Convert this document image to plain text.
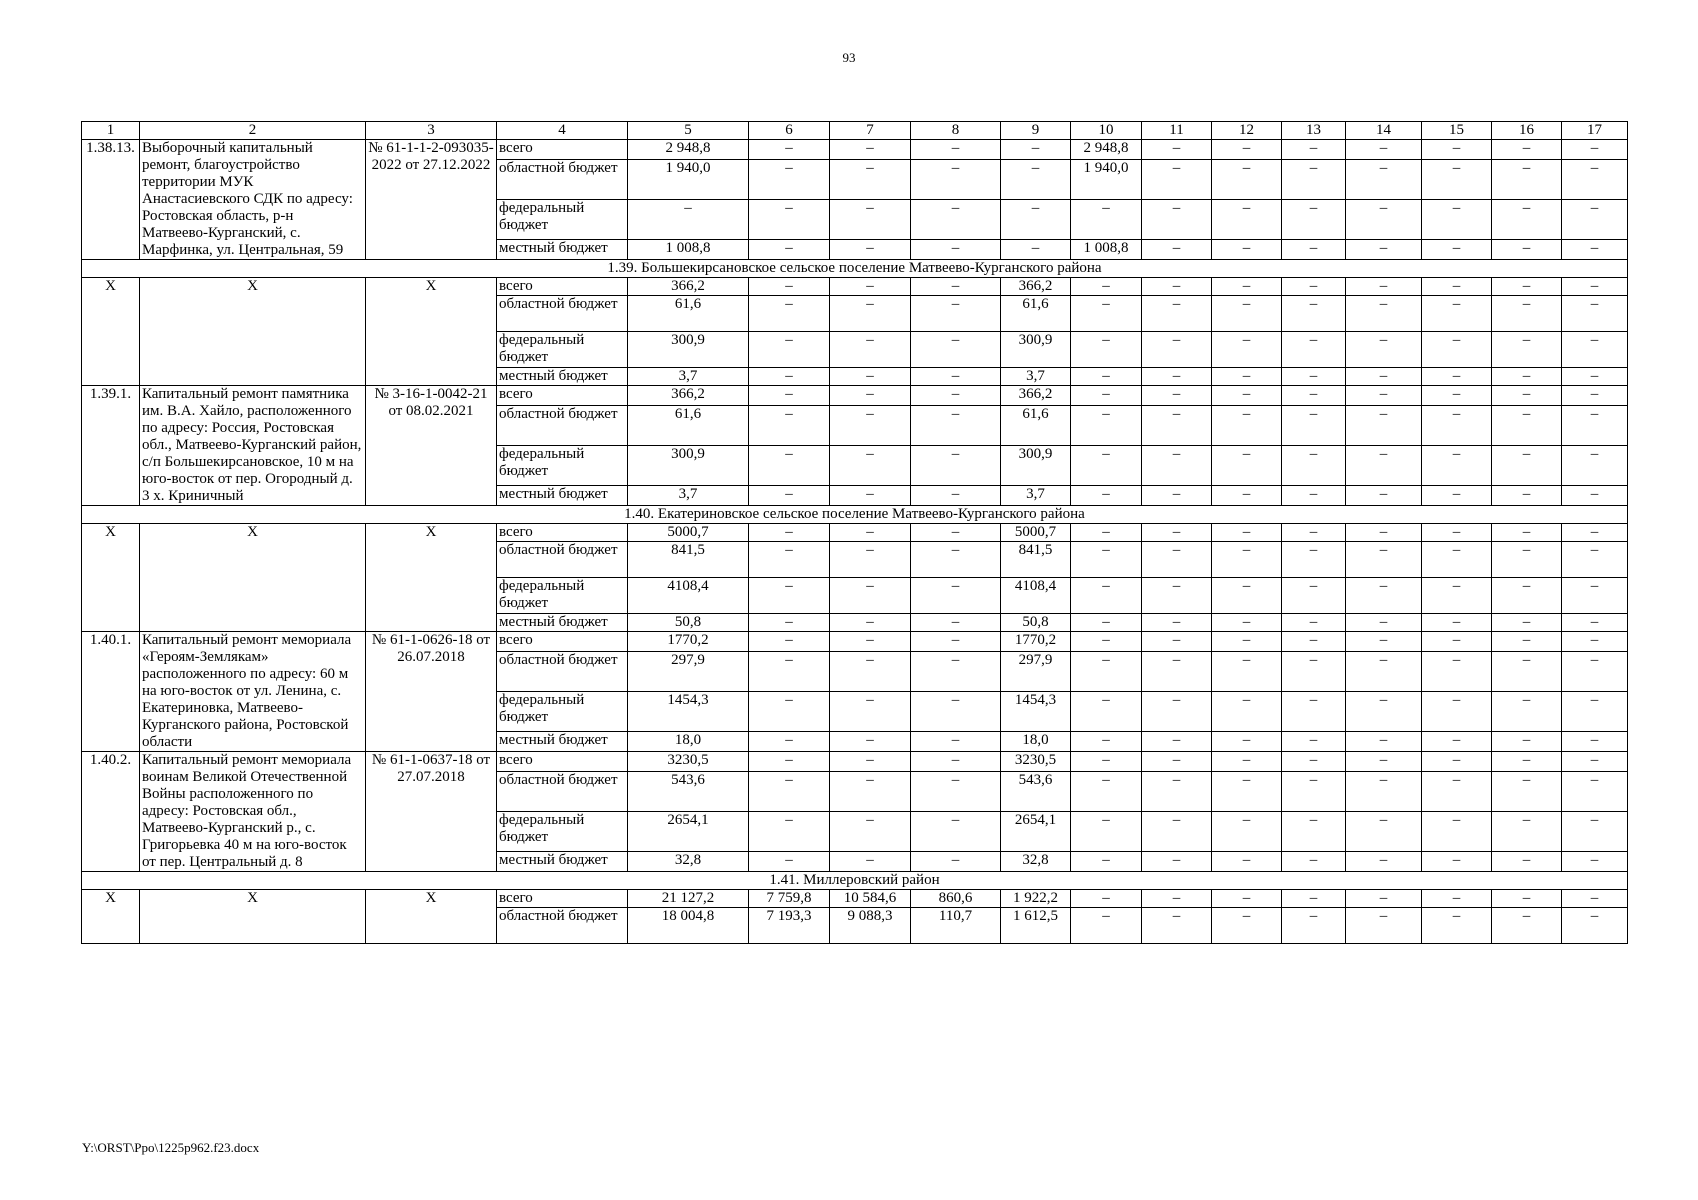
93
1	2	3	4	5	6	7	8	9	10	11	12	13	14	15	16	17
1.38.13.	Выборочный капитальный ремонт, благоустройство территории МУК Анастасиевского СДК по адресу: Ростовская область, р-н Матвеево-Курганский, с. Марфинка, ул. Центральная, 59	№ 61-1-1-2-093035-2022 от 27.12.2022	всего	2 948,8	–	–	–	–	2 948,8	–	–	–	–	–	–	–
			областной бюджет	1 940,0	–	–	–	–	1 940,0	–	–	–	–	–	–	–
			федеральный бюджет	–	–	–	–	–	–	–	–	–	–	–	–	–
			местный бюджет	1 008,8	–	–	–	–	1 008,8	–	–	–	–	–	–	–
1.39. Большекирсановское сельское поселение Матвеево-Курганского района																
X	X	X	всего	366,2	–	–	–	366,2	–	–	–	–	–	–	–	–
			областной бюджет	61,6	–	–	–	61,6	–	–	–	–	–	–	–	–
			федеральный бюджет	300,9	–	–	–	300,9	–	–	–	–	–	–	–	–
			местный бюджет	3,7	–	–	–	3,7	–	–	–	–	–	–	–	–
1.39.1.	Капитальный ремонт памятника им. В.А. Хайло, расположенного по адресу: Россия, Ростовская обл., Матвеево-Курганский район, с/п Большекирсановское, 10 м на юго-восток от пер. Огородный д. 3 х. Криничный	№ 3-16-1-0042-21 от 08.02.2021	всего	366,2	–	–	–	366,2	–	–	–	–	–	–	–	–
			областной бюджет	61,6	–	–	–	61,6	–	–	–	–	–	–	–	–
			федеральный бюджет	300,9	–	–	–	300,9	–	–	–	–	–	–	–	–
			местный бюджет	3,7	–	–	–	3,7	–	–	–	–	–	–	–	–
1.40. Екатериновское сельское поселение Матвеево-Курганского района																
X	X	X	всего	5000,7	–	–	–	5000,7	–	–	–	–	–	–	–	–
			областной бюджет	841,5	–	–	–	841,5	–	–	–	–	–	–	–	–
			федеральный бюджет	4108,4	–	–	–	4108,4	–	–	–	–	–	–	–	–
			местный бюджет	50,8	–	–	–	50,8	–	–	–	–	–	–	–	–
1.40.1.	Капитальный ремонт мемориала «Героям-Землякам» расположенного по адресу: 60 м на юго-восток от ул. Ленина, с. Екатериновка, Матвеево-Курганского района, Ростовской области	№ 61-1-0626-18 от 26.07.2018	всего	1770,2	–	–	–	1770,2	–	–	–	–	–	–	–	–
			областной бюджет	297,9	–	–	–	297,9	–	–	–	–	–	–	–	–
			федеральный бюджет	1454,3	–	–	–	1454,3	–	–	–	–	–	–	–	–
			местный бюджет	18,0	–	–	–	18,0	–	–	–	–	–	–	–	–
1.40.2.	Капитальный ремонт мемориала воинам Великой Отечественной Войны расположенного по адресу: Ростовская обл., Матвеево-Курганский р., с. Григорьевка 40 м на юго-восток от пер. Центральный д. 8	№ 61-1-0637-18 от 27.07.2018	всего	3230,5	–	–	–	3230,5	–	–	–	–	–	–	–	–
			областной бюджет	543,6	–	–	–	543,6	–	–	–	–	–	–	–	–
			федеральный бюджет	2654,1	–	–	–	2654,1	–	–	–	–	–	–	–	–
			местный бюджет	32,8	–	–	–	32,8	–	–	–	–	–	–	–	–
1.41. Миллеровский район																
X	X	X	всего	21 127,2	7 759,8	10 584,6	860,6	1 922,2	–	–	–	–	–	–	–	–
			областной бюджет	18 004,8	7 193,3	9 088,3	110,7	1 612,5	–	–	–	–	–	–	–	–
Y:\ORST\Ppo\1225p962.f23.docx
